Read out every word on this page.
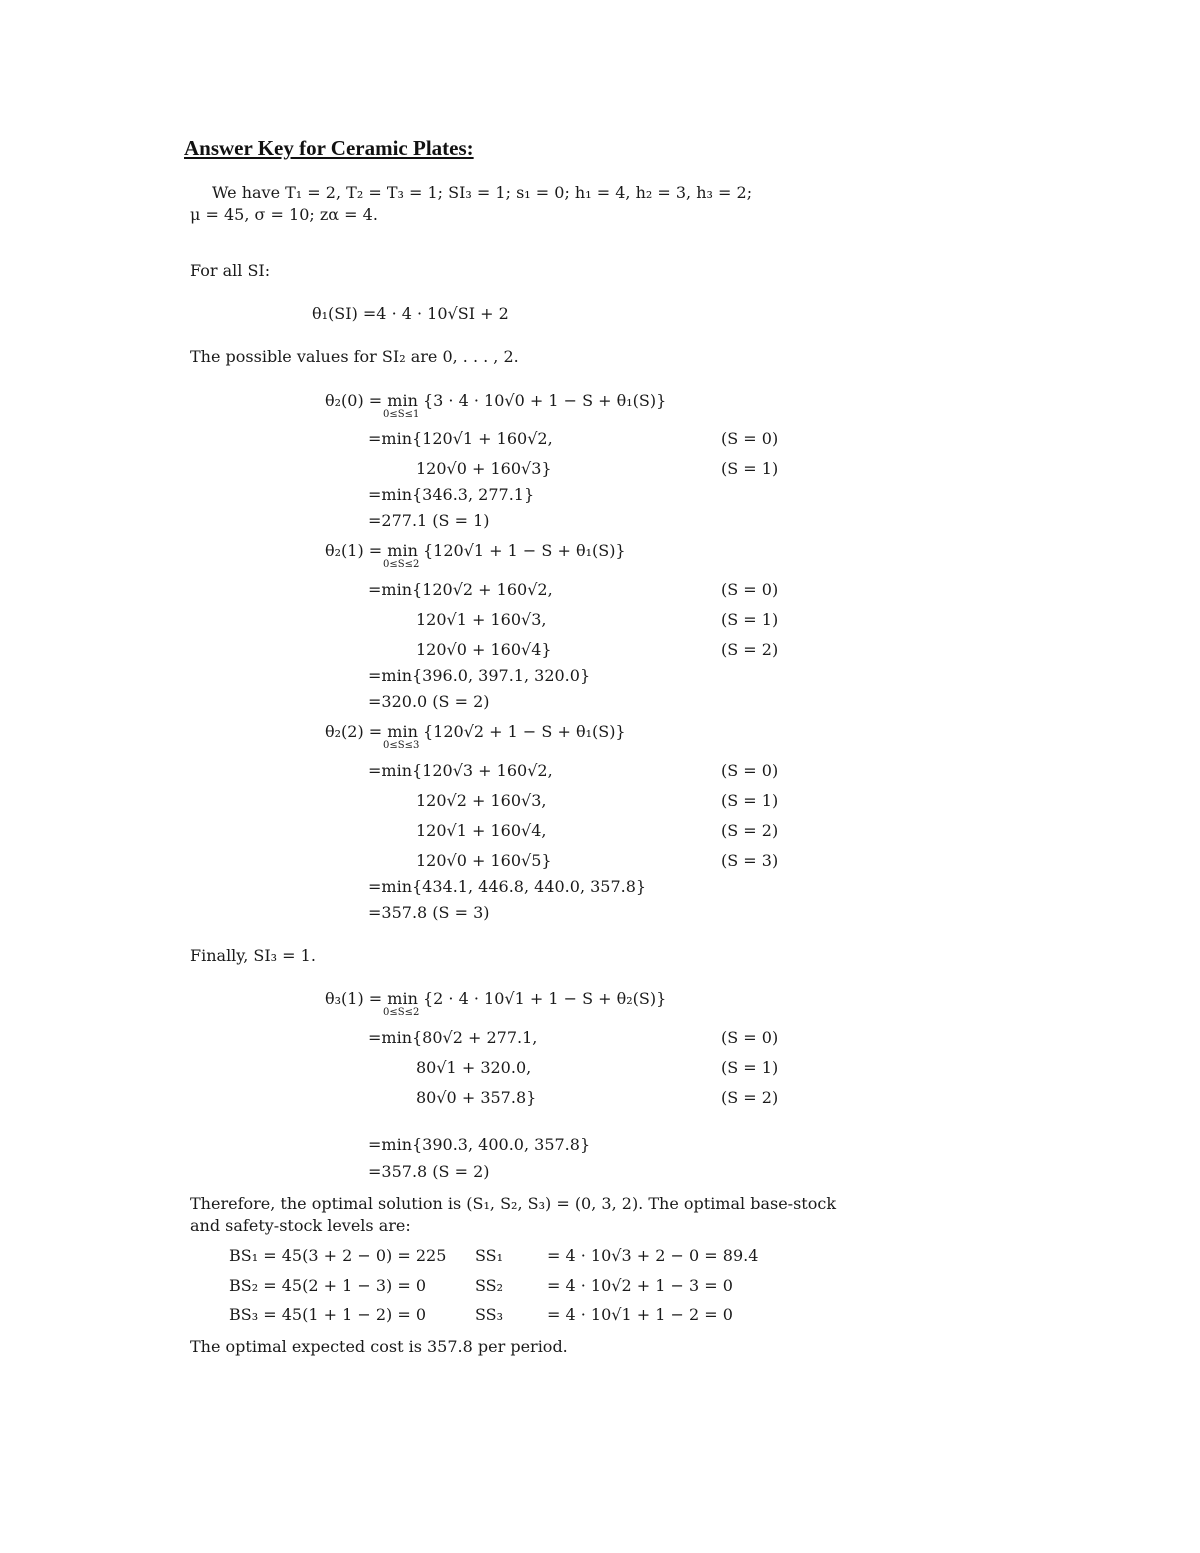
Answer Key for Ceramic Plates:
We have T₁ = 2, T₂ = T₃ = 1; SI₃ = 1; s₁ = 0; h₁ = 4, h₂ = 3, h₃ = 2;
μ = 45, σ = 10; zα = 4.
For all SI:
θ₁(SI) =4 · 4 · 10√SI + 2
The possible values for SI₂ are 0, . . . , 2.
θ₂(0) = min {3 · 4 · 10√0 + 1 − S + θ₁(S)}
0≤S≤1
=min{120√1 + 160√2,	(S = 0)
120√0 + 160√3}	(S = 1)
=min{346.3, 277.1}
=277.1 (S = 1)
θ₂(1) = min {120√1 + 1 − S + θ₁(S)}
0≤S≤2
=min{120√2 + 160√2,	(S = 0)
120√1 + 160√3,	(S = 1)
120√0 + 160√4}	(S = 2)
=min{396.0, 397.1, 320.0}
=320.0 (S = 2)
θ₂(2) = min {120√2 + 1 − S + θ₁(S)}
0≤S≤3
=min{120√3 + 160√2,	(S = 0)
120√2 + 160√3,	(S = 1)
120√1 + 160√4,	(S = 2)
120√0 + 160√5}	(S = 3)
=min{434.1, 446.8, 440.0, 357.8}
=357.8 (S = 3)
Finally, SI₃ = 1.
θ₃(1) = min {2 · 4 · 10√1 + 1 − S + θ₂(S)}
0≤S≤2
=min{80√2 + 277.1,	(S = 0)
80√1 + 320.0,	(S = 1)
80√0 + 357.8}	(S = 2)
=min{390.3, 400.0, 357.8}
=357.8 (S = 2)
Therefore, the optimal solution is (S₁, S₂, S₃) = (0, 3, 2). The optimal base-stock
and safety-stock levels are:
BS₁ = 45(3 + 2 − 0) = 225 SS₁	= 4 · 10√3 + 2 − 0 = 89.4
BS₂ = 45(2 + 1 − 3) = 0	SS₂	= 4 · 10√2 + 1 − 3 = 0
BS₃ = 45(1 + 1 − 2) = 0	SS₃	= 4 · 10√1 + 1 − 2 = 0
The optimal expected cost is 357.8 per period.
